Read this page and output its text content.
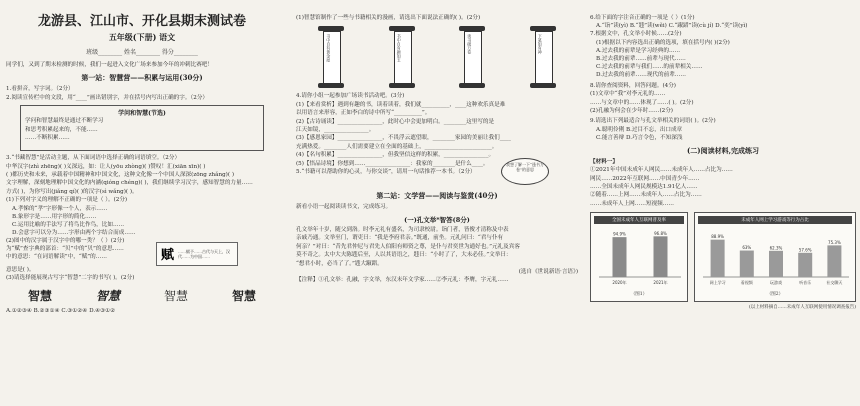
龙游县、江山市、开化县期末测试卷
五年级(下册) 语文
班级________ 姓名________ 得分________
同学们，又到了期末检测的时候，我们一起进入文化广场来参加今年的冲刺比赛吧！
第一站：智慧营——积累与运用(30分)
1.看拼音，写字词。（2分）
2.阅读宣传栏中的文段，用“____”画出错别字，并在括号内写出正确的字。（2分）
学问和智慧(节选)
学问和智慧最终是通过不断学习
和思考积累起来的，不能……
……不断积累……
3.“书藏智慧”是活动主题，从下面词语中选择正确的词语填空。（2分）
中华汉字(zhì zhēng)( )义深远，如：让人(yōu zhòng)( )赞叹！汇(xiān xīn)( )
( )都历史和未来，承载着中国精神和中国文化，这种文化像一个中国人深深(zōng zhǎng)( )
文字理解，深刻地理解中国文化的内涵(qióng chéng)( )，我们继续学习汉字，感知智慧的力量……
方式( )，为你写出(jiǎng qí)( )的汉字(sì wǎng)( )。
(1)下列对字义的理解不正确的一项是（ ）。(2分)
A.孝悌的“孝”字形像一个人，表示……
B.象形字是……用字形的简化……
C.运用比喻的手法写了将鸟比作鸟，比如……
D.会意字可以分为……字形由两个字结合而成……
(2)图中的汉字属于汉字中的哪一类？（ ）(2分)
为“赋”查字典的部首：“贝”中的“贝”的意思……
中的意思：“在词语解读”中，“赋”的……	赋 ……赋予……古代与天上，汉代……为中国……
意思是( )。
(3)请选择能展现古写字“智慧”二字的书写( )。(2分)
智慧	智慧	智慧	智慧
A.①②③④ B.②③①④ C.③①②④ D.④③①②
(1)智慧馆制作了一些与书籍相关的漫画，请选出下面说法正确的( )。(2分)
书中自有黄金屋	书中自有颜如玉	读书破万卷	下笔如有神
4.请你小组一起参加广场读书活动吧。(3分)
(1)【来看赏析】遇到有趣的书，读着读着，我们就__________，____这种欢乐真是难
以用语言来形容，正如李白的诗中所写“__________”。
(2)【古诗诵读】________________，此时心中会更加明白。________这里写的是
江天如镜，________________。
(3)【感恩家园】________________，不畏浮云遮望眼，________家园的美丽让我们____
充满热爱。________人们需要建立在全面的基础上，________________________。
(4)【名句积累】________________，但我坚信这样的积累，________________。
(5)【悟品诗境】你想到……________________：我家的________是什么____。
5.“书籍可以帮助你的心灵，与你交谈”，请用一句话推荐一本书。（2分）
我想了解一下“逢书万卷”的意思
第二站：文学营——阅读与鉴赏(40分)
新看小语一起阅读读书文，完成练习。
(一)孔文举*智答(8分)
孔文举年十岁，随父到洛。时李元礼有盛名，为司隶校尉。诣门者，皆俊才清称及中表
亲戚乃通。文举至门，谓吏曰：“我是李府君亲。”既通，前坐。元礼问曰：“君与仆有
何亲？”对曰：“昔先君仲尼与君先人伯阳有师资之尊，是仆与君奕世为通好也。”元礼及宾客
莫不奇之。太中大夫陈韪后至，人以其语语之，韪曰：“小时了了，大未必佳。”文举曰：
“想君小时，必当了了。”韪大踧踖。
(选自《世说新语·言语》)
【注释】①孔文举：孔融，字文举，东汉末年文学家……②李元礼：李膺，字元礼……
6.给下面的字注音正确的一项是（ ）(1分)
A.“诣”读(yì) B.“韪”读(wěi) C.“踧踖”读(cù jí) D.“奕”读(yì)
7.根据文中，孔文举小时候……(2分)
(1)根据以下内容选出正确的选项，填在括号内( )(2分)
A.过去我的前辈是学习经典的……
B.过去我的前辈……前辈与现代……
C.过去我的前辈与我们……的前辈相关……
D.过去我的前辈……现代的前辈……
8.请你查阅资料，回答问题。(4分)
(1)文章中“我”对李元礼的……
……与文章中的……体现了……( )。(2分)
(2)孔融为何会在少年时……(2分)
9.请选出下列最适合与孔文举相关的词语( )。(2分)
A.聪明伶俐 B.过目不忘，出口成章
C.能言善辩 D.巧言令色，不知深浅
(二)阅读材料,完成练习
【材料一】
①2021年中国未成年人网民……未成年人……占比为……
网民……2022年互联网……中国青少年……
……全国未成年人网民规模达1.91亿人……
②随着……上网……未成年人……占比为……
……未成年人上网……短视频……
全国未成年人互联网普及率
94.9%
2020年
96.8%
2021年
（图1）
未成年人网上学习游戏等行为占比
88.9%
网上学习
63%
看视频
62.3%
玩游戏
57.6%
听音乐
75.3%
社交聊天
（图2）
(以上材料摘自……未成年人互联网使用情况调查报告)
